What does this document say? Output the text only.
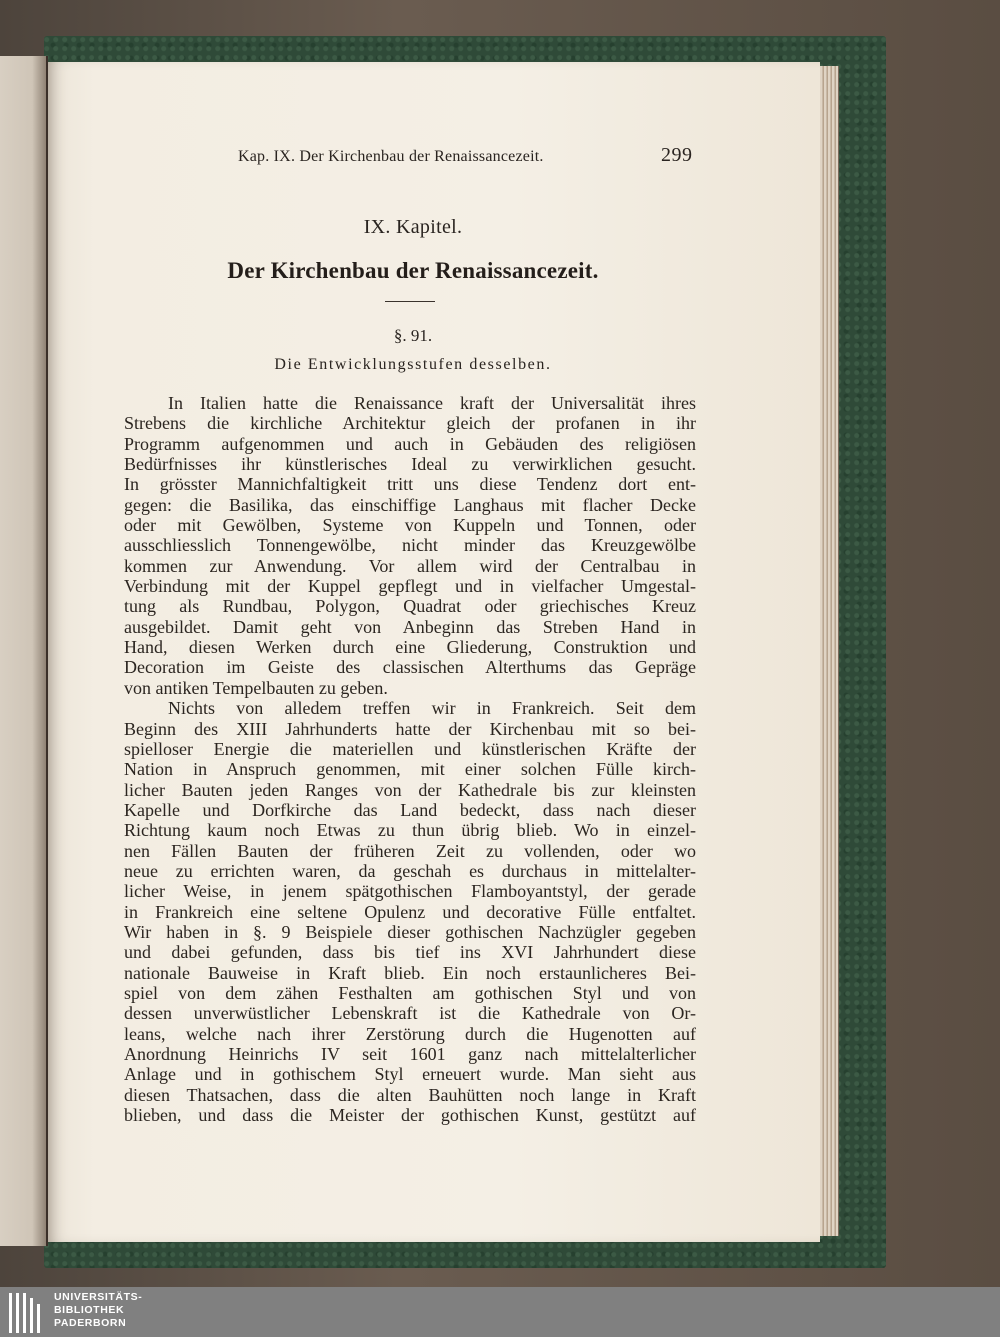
Kap. IX. Der Kirchenbau der Renaissancezeit.	299
IX. Kapitel.
Der Kirchenbau der Renaissancezeit.
§. 91.
Die Entwicklungsstufen desselben.
In Italien hatte die Renaissance kraft der Universalität ihres
Strebens die kirchliche Architektur gleich der profanen in ihr
Programm aufgenommen und auch in Gebäuden des religiösen
Bedürfnisses ihr künstlerisches Ideal zu verwirklichen gesucht.
In grösster Mannichfaltigkeit tritt uns diese Tendenz dort ent-
gegen: die Basilika, das einschiffige Langhaus mit flacher Decke
oder mit Gewölben, Systeme von Kuppeln und Tonnen, oder
ausschliesslich Tonnengewölbe, nicht minder das Kreuzgewölbe
kommen zur Anwendung. Vor allem wird der Centralbau in
Verbindung mit der Kuppel gepflegt und in vielfacher Umgestal-
tung als Rundbau, Polygon, Quadrat oder griechisches Kreuz
ausgebildet. Damit geht von Anbeginn das Streben Hand in
Hand, diesen Werken durch eine Gliederung, Construktion und
Decoration im Geiste des classischen Alterthums das Gepräge
von antiken Tempelbauten zu geben.
Nichts von alledem treffen wir in Frankreich. Seit dem
Beginn des XIII Jahrhunderts hatte der Kirchenbau mit so bei-
spielloser Energie die materiellen und künstlerischen Kräfte der
Nation in Anspruch genommen, mit einer solchen Fülle kirch-
licher Bauten jeden Ranges von der Kathedrale bis zur kleinsten
Kapelle und Dorfkirche das Land bedeckt, dass nach dieser
Richtung kaum noch Etwas zu thun übrig blieb. Wo in einzel-
nen Fällen Bauten der früheren Zeit zu vollenden, oder wo
neue zu errichten waren, da geschah es durchaus in mittelalter-
licher Weise, in jenem spätgothischen Flamboyantstyl, der gerade
in Frankreich eine seltene Opulenz und decorative Fülle entfaltet.
Wir haben in §. 9 Beispiele dieser gothischen Nachzügler gegeben
und dabei gefunden, dass bis tief ins XVI Jahrhundert diese
nationale Bauweise in Kraft blieb. Ein noch erstaunlicheres Bei-
spiel von dem zähen Festhalten am gothischen Styl und von
dessen unverwüstlicher Lebenskraft ist die Kathedrale von Or-
leans, welche nach ihrer Zerstörung durch die Hugenotten auf
Anordnung Heinrichs IV seit 1601 ganz nach mittelalterlicher
Anlage und in gothischem Styl erneuert wurde. Man sieht aus
diesen Thatsachen, dass die alten Bauhütten noch lange in Kraft
blieben, und dass die Meister der gothischen Kunst, gestützt auf
UNIVERSITÄTS-
BIBLIOTHEK
PADERBORN
